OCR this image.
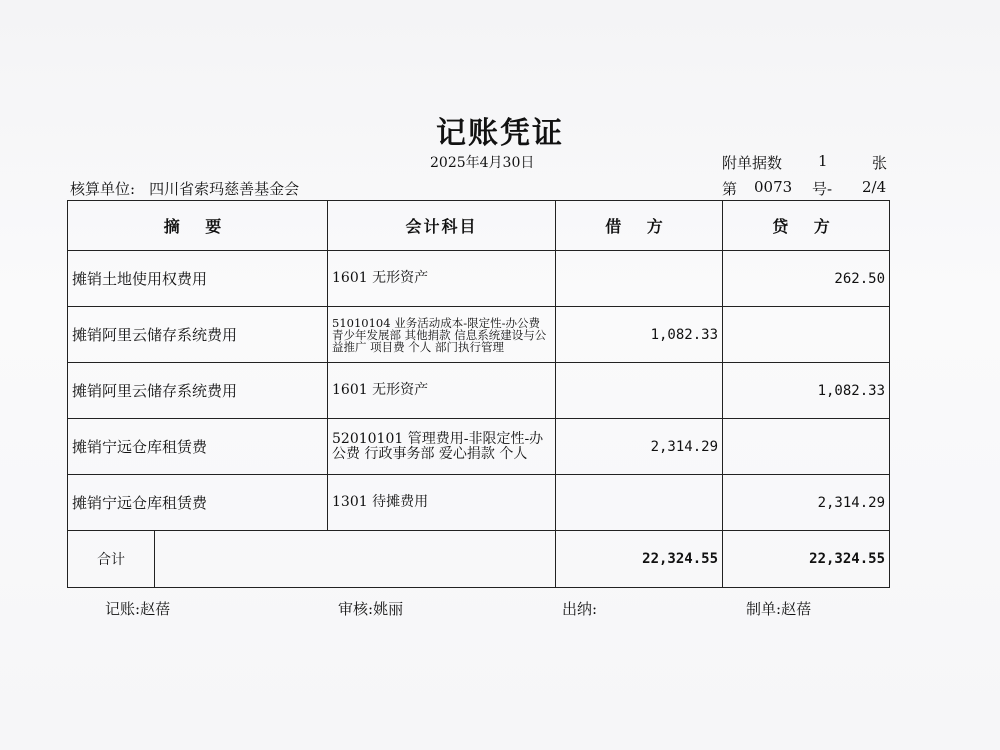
记账凭证
2025年4月30日
核算单位: 四川省索玛慈善基金会
附单据数 1	张
第 0073 号- 2/4
摘 要	会计科目	借 方	贷 方
摊销土地使用权费用	1601 无形资产		262.50
摊销阿里云储存系统费用	51010104 业务活动成本-限定性-办公费 青少年发展部 其他捐款 信息系统建设与公益推广 项目费 个人 部门执行管理	1,082.33	
摊销阿里云储存系统费用	1601 无形资产		1,082.33
摊销宁远仓库租赁费	52010101 管理费用-非限定性-办公费 行政事务部 爱心捐款 个人	2,314.29	
摊销宁远仓库租赁费	1301 待摊费用		2,314.29

合计		22,324.55	22,324.55
记账:赵蓓	审核:姚丽	出纳:	制单:赵蓓
